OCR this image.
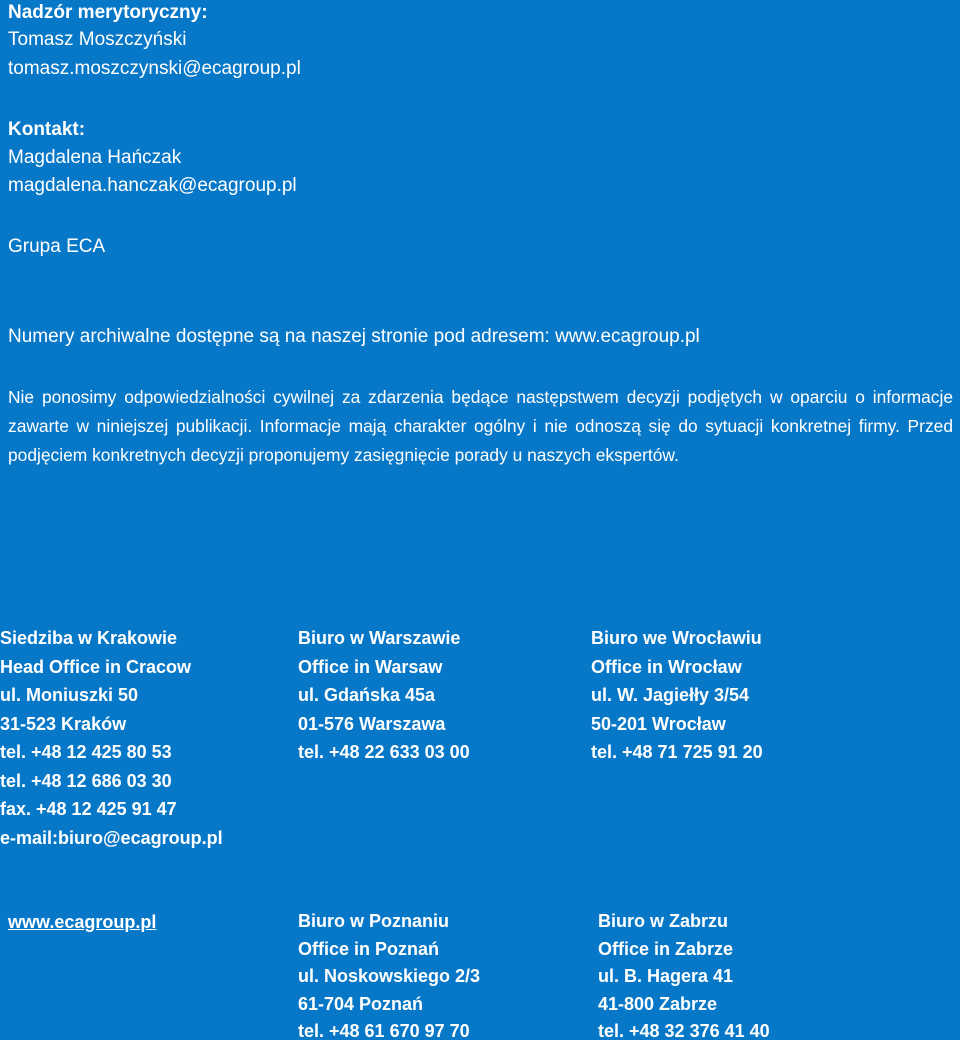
Nadzór merytoryczny:
Tomasz Moszczyński
tomasz.moszczynski@ecagroup.pl
Kontakt:
Magdalena Hańczak
magdalena.hanczak@ecagroup.pl
Grupa ECA
Numery archiwalne dostępne są na naszej stronie pod adresem: www.ecagroup.pl
Nie ponosimy odpowiedzialności cywilnej za zdarzenia będące następstwem decyzji podjętych w oparciu o informacje zawarte w niniejszej publikacji. Informacje mają charakter ogólny i nie odnoszą się do sytuacji konkretnej firmy. Przed podjęciem konkretnych decyzji proponujemy zasięgnięcie porady u naszych ekspertów.
Siedziba w Krakowie
Head Office in Cracow
ul. Moniuszki 50
31-523 Kraków
tel. +48 12 425 80 53
tel. +48 12 686 03 30
fax. +48 12 425 91 47
e-mail:biuro@ecagroup.pl
Biuro w Warszawie
Office in Warsaw
ul. Gdańska 45a
01-576 Warszawa
tel. +48 22 633 03 00
Biuro we Wrocławiu
Office in Wrocław
ul. W. Jagiełły 3/54
50-201 Wrocław
tel. +48 71 725 91 20
www.ecagroup.pl	Biuro w Poznaniu
Office in Poznań
ul. Noskowskiego 2/3
61-704 Poznań
tel. +48 61 670 97 70
Biuro w Zabrzu
Office in Zabrze
ul. B. Hagera 41
41-800 Zabrze
tel. +48 32 376 41 40
